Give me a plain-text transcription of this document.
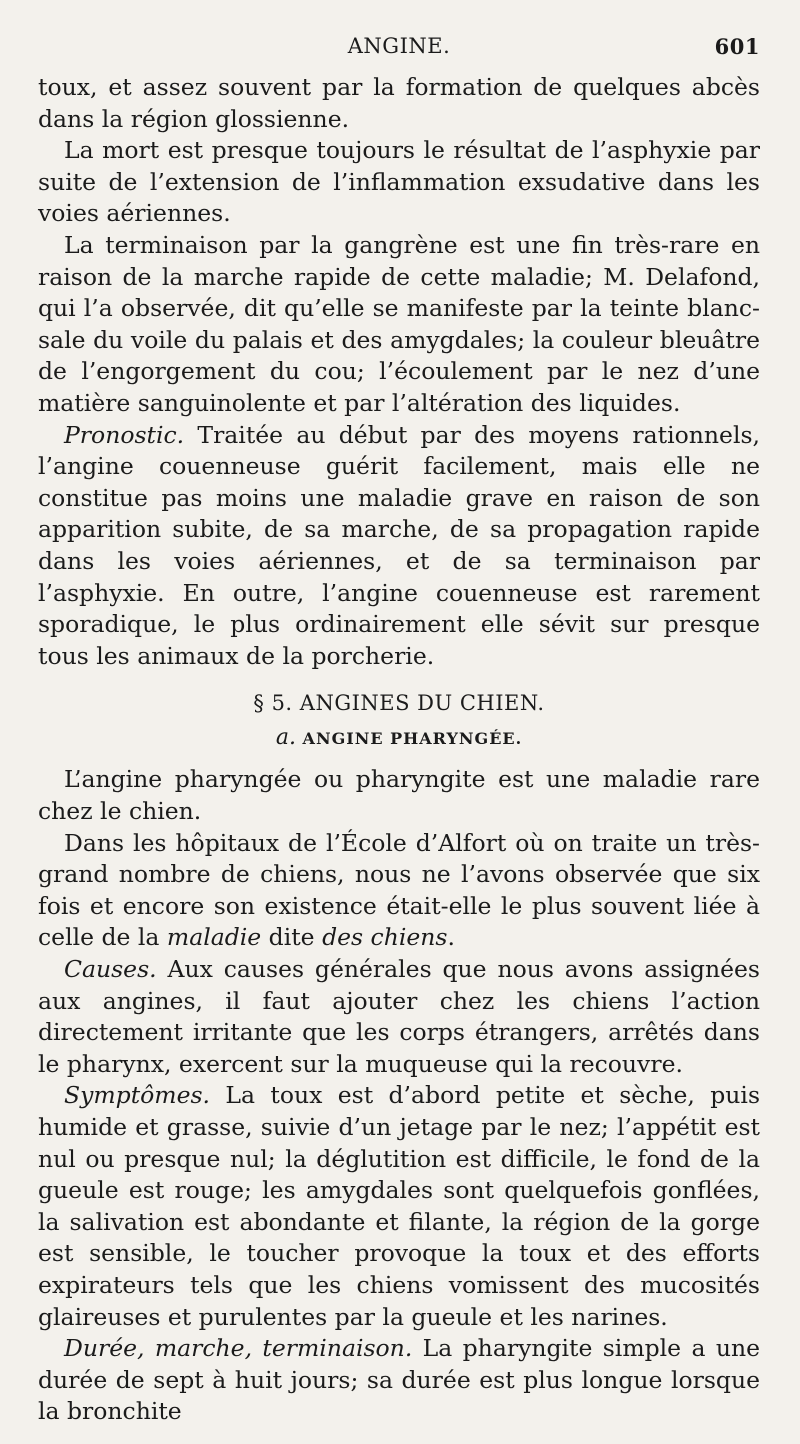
ANGINE.	601

toux, et assez souvent par la formation de quelques abcès dans la région glossienne.

La mort est presque toujours le résultat de l’asphyxie par suite de l’extension de l’inflammation exsudative dans les voies aériennes.

La terminaison par la gangrène est une fin très-rare en raison de la marche rapide de cette maladie; M. Delafond, qui l’a observée, dit qu’elle se manifeste par la teinte blanc-sale du voile du palais et des amygdales; la couleur bleuâtre de l’engorgement du cou; l’écoulement par le nez d’une matière sanguinolente et par l’altération des liquides.

Pronostic. Traitée au début par des moyens rationnels, l’angine couenneuse guérit facilement, mais elle ne constitue pas moins une maladie grave en raison de son apparition subite, de sa marche, de sa propagation rapide dans les voies aériennes, et de sa terminaison par l’asphyxie. En outre, l’angine couenneuse est rarement sporadique, le plus ordinairement elle sévit sur presque tous les animaux de la porcherie.

§ 5. ANGINES DU CHIEN.
a. ANGINE PHARYNGÉE.

L’angine pharyngée ou pharyngite est une maladie rare chez le chien.

Dans les hôpitaux de l’École d’Alfort où on traite un très-grand nombre de chiens, nous ne l’avons observée que six fois et encore son existence était-elle le plus souvent liée à celle de la maladie dite des chiens.

Causes. Aux causes générales que nous avons assignées aux angines, il faut ajouter chez les chiens l’action directement irritante que les corps étrangers, arrêtés dans le pharynx, exercent sur la muqueuse qui la recouvre.

Symptômes. La toux est d’abord petite et sèche, puis humide et grasse, suivie d’un jetage par le nez; l’appétit est nul ou presque nul; la déglutition est difficile, le fond de la gueule est rouge; les amygdales sont quelquefois gonflées, la salivation est abondante et filante, la région de la gorge est sensible, le toucher provoque la toux et des efforts expirateurs tels que les chiens vomissent des mucosités glaireuses et purulentes par la gueule et les narines.

Durée, marche, terminaison. La pharyngite simple a une durée de sept à huit jours; sa durée est plus longue lorsque la bronchite
